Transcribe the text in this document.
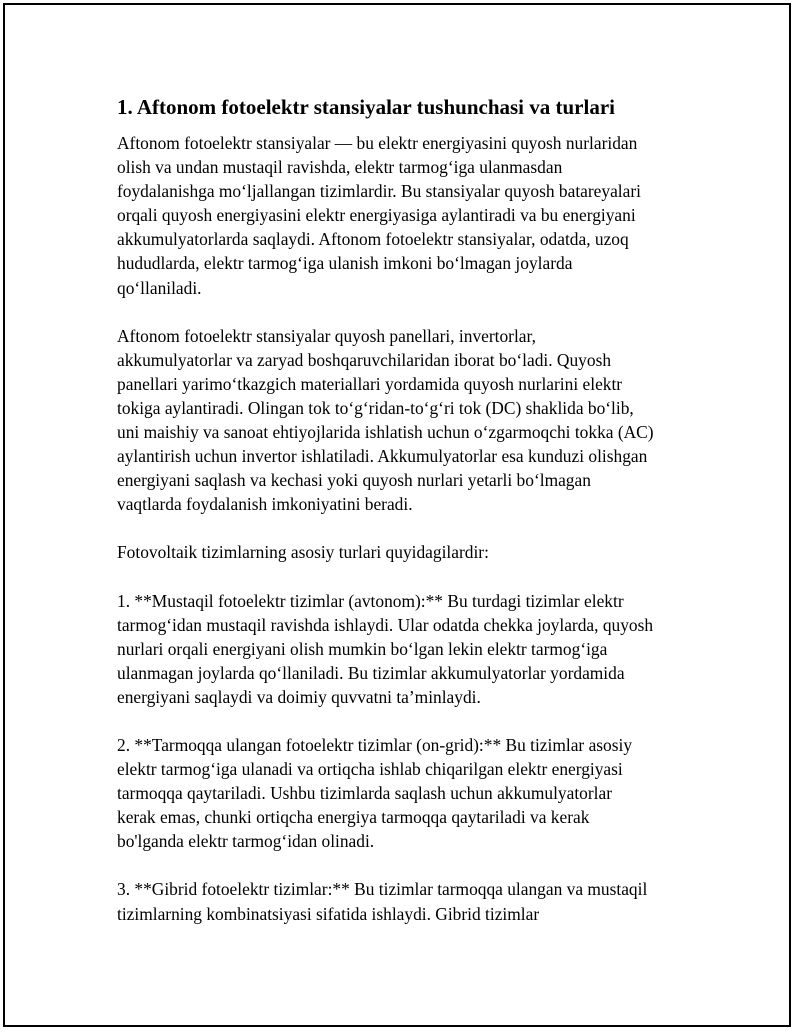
1. Aftonom fotoelektr stansiyalar tushunchasi va turlari

Aftonom fotoelektr stansiyalar — bu elektr energiyasini quyosh nurlaridan
olish va undan mustaqil ravishda, elektr tarmog‘iga ulanmasdan
foydalanishga mo‘ljallangan tizimlardir. Bu stansiyalar quyosh batareyalari
orqali quyosh energiyasini elektr energiyasiga aylantiradi va bu energiyani
akkumulyatorlarda saqlaydi. Aftonom fotoelektr stansiyalar, odatda, uzoq
hududlarda, elektr tarmog‘iga ulanish imkoni bo‘lmagan joylarda
qo‘llaniladi.

Aftonom fotoelektr stansiyalar quyosh panellari, invertorlar,
akkumulyatorlar va zaryad boshqaruvchilaridan iborat bo‘ladi. Quyosh
panellari yarimo‘tkazgich materiallari yordamida quyosh nurlarini elektr
tokiga aylantiradi. Olingan tok to‘g‘ridan-to‘g‘ri tok (DC) shaklida bo‘lib,
uni maishiy va sanoat ehtiyojlarida ishlatish uchun o‘zgarmoqchi tokka (AC)
aylantirish uchun invertor ishlatiladi. Akkumulyatorlar esa kunduzi olishgan
energiyani saqlash va kechasi yoki quyosh nurlari yetarli bo‘lmagan
vaqtlarda foydalanish imkoniyatini beradi.

Fotovoltaik tizimlarning asosiy turlari quyidagilardir:

1. **Mustaqil fotoelektr tizimlar (avtonom):** Bu turdagi tizimlar elektr
tarmog‘idan mustaqil ravishda ishlaydi. Ular odatda chekka joylarda, quyosh
nurlari orqali energiyani olish mumkin bo‘lgan lekin elektr tarmog‘iga
ulanmagan joylarda qo‘llaniladi. Bu tizimlar akkumulyatorlar yordamida
energiyani saqlaydi va doimiy quvvatni ta’minlaydi.

2. **Tarmoqqa ulangan fotoelektr tizimlar (on-grid):** Bu tizimlar asosiy
elektr tarmog‘iga ulanadi va ortiqcha ishlab chiqarilgan elektr energiyasi
tarmoqqa qaytariladi. Ushbu tizimlarda saqlash uchun akkumulyatorlar
kerak emas, chunki ortiqcha energiya tarmoqqa qaytariladi va kerak
bo'lganda elektr tarmog‘idan olinadi.

3. **Gibrid fotoelektr tizimlar:** Bu tizimlar tarmoqqa ulangan va mustaqil
tizimlarning kombinatsiyasi sifatida ishlaydi. Gibrid tizimlar
